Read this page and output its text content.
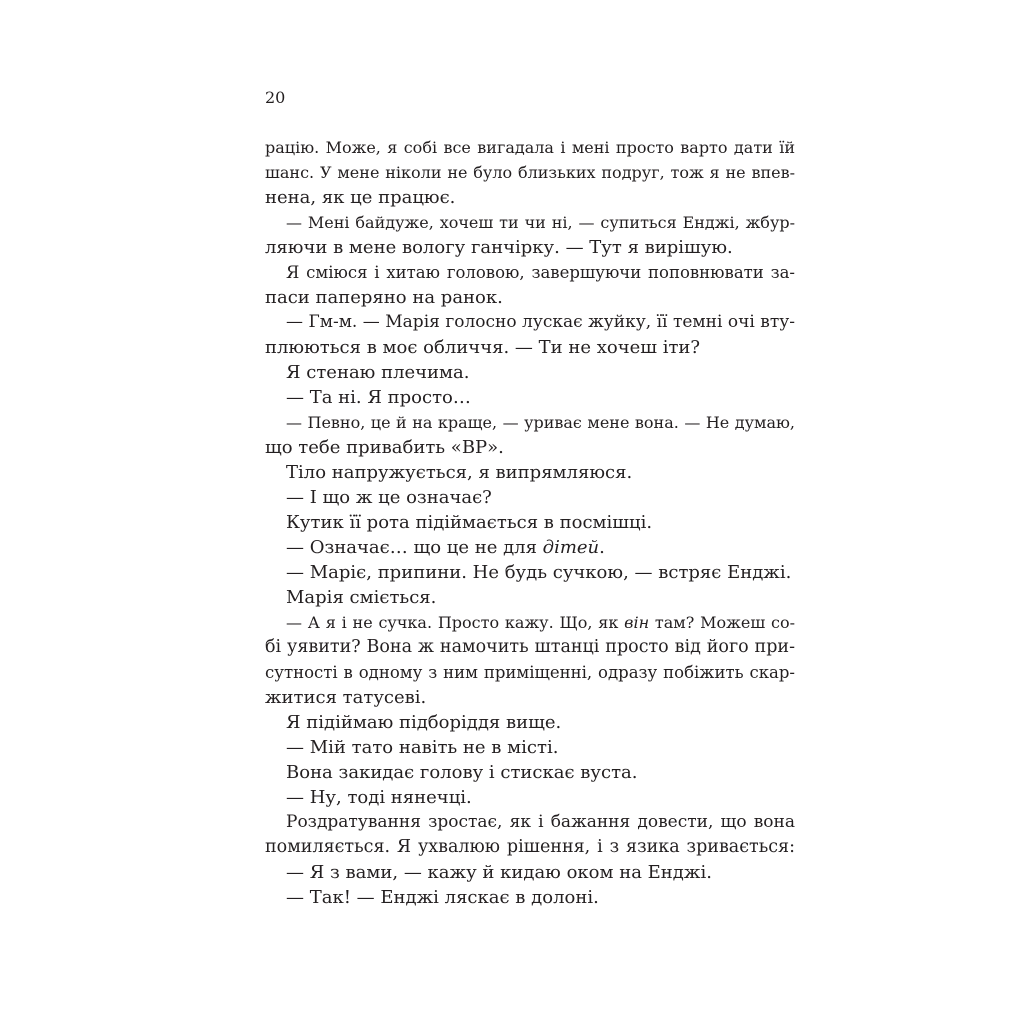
20
рацію. Може, я собі все вигадала і мені просто варто дати їй
шанс. У мене ніколи не було близьких подруг, тож я не впев-
нена, як це працює.
— Мені байдуже, хочеш ти чи ні, — супиться Енджі, жбур-
ляючи в мене вологу ганчірку. — Тут я вирішую.
Я сміюся і хитаю головою, завершуючи поповнювати за-
паси паперяно на ранок.
— Гм-м. — Марія голосно лускає жуйку, її темні очі вту-
плюються в моє обличчя. — Ти не хочеш іти?
Я стенаю плечима.
— Та ні. Я просто…
— Певно, це й на краще, — уриває мене вона. — Не думаю,
що тебе привабить «ВР».
Тіло напружується, я випрямляюся.
— І що ж це означає?
Кутик її рота підіймається в посмішці.
— Означає… що це не для дітей.
— Маріє, припини. Не будь сучкою, — встряє Енджі.
Марія сміється.
— А я і не сучка. Просто кажу. Що, як він там? Можеш со-
бі уявити? Вона ж намочить штанці просто від його при-
сутності в одному з ним приміщенні, одразу побіжить скар-
житися татусеві.
Я підіймаю підборіддя вище.
— Мій тато навіть не в місті.
Вона закидає голову і стискає вуста.
— Ну, тоді нянечці.
Роздратування зростає, як і бажання довести, що вона
помиляється. Я ухвалюю рішення, і з язика зривається:
— Я з вами, — кажу й кидаю оком на Енджі.
— Так! — Енджі ляскає в долоні.
